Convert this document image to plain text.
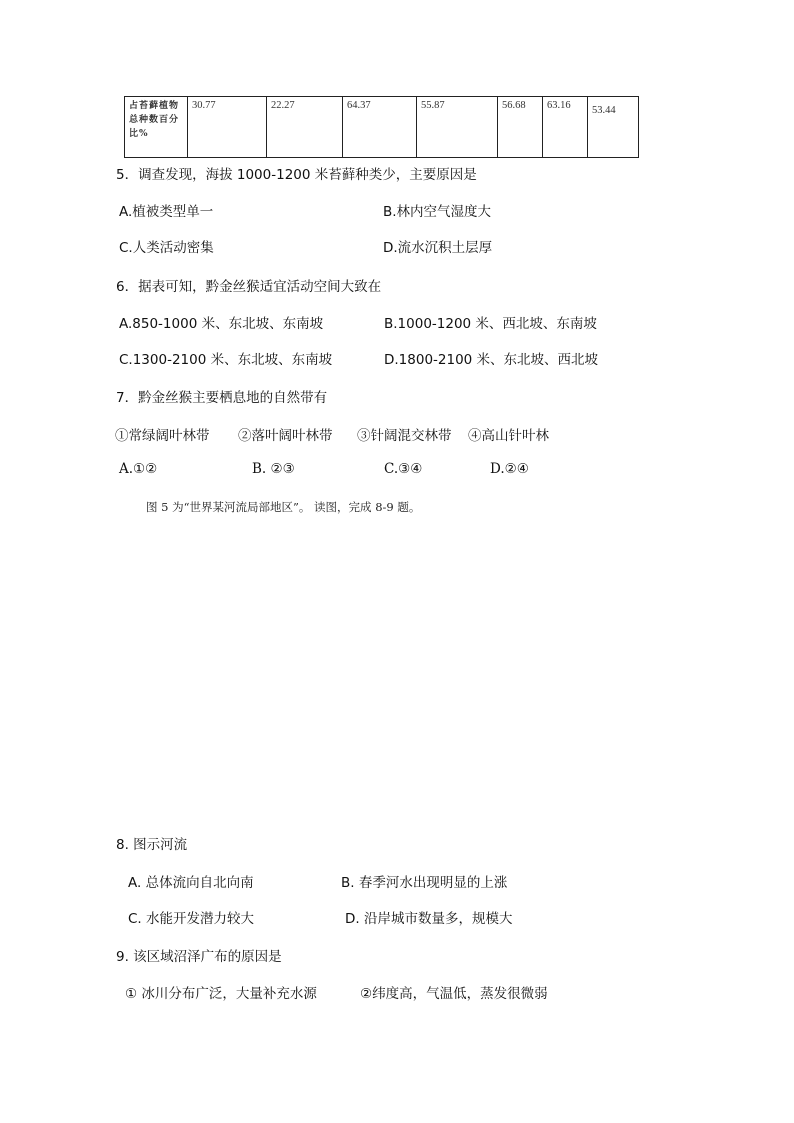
占苔藓植物总种数百分比%	30.77	22.27	64.37	55.87	56.68	63.16	53.44
5．调查发现，海拔 1000-1200 米苔藓种类少，主要原因是
A.植被类型单一	B.林内空气湿度大
C.人类活动密集	D.流水沉积土层厚
6．据表可知，黔金丝猴适宜活动空间大致在
A.850-1000 米、东北坡、东南坡	B.1000-1200 米、西北坡、东南坡
C.1300-2100 米、东北坡、东南坡	D.1800-2100 米、东北坡、西北坡
7．黔金丝猴主要栖息地的自然带有
①常绿阔叶林带 ②落叶阔叶林带 ③针阔混交林带 ④高山针叶林
A.①②	B. ②③	C.③④	D.②④
图 5 为“世界某河流局部地区”。 读图，完成 8-9 题。
8. 图示河流
A. 总体流向自北向南	B. 春季河水出现明显的上涨
C. 水能开发潜力较大	D. 沿岸城市数量多，规模大
9. 该区域沼泽广布的原因是
① 冰川分布广泛，大量补充水源	②纬度高，气温低，蒸发很微弱
